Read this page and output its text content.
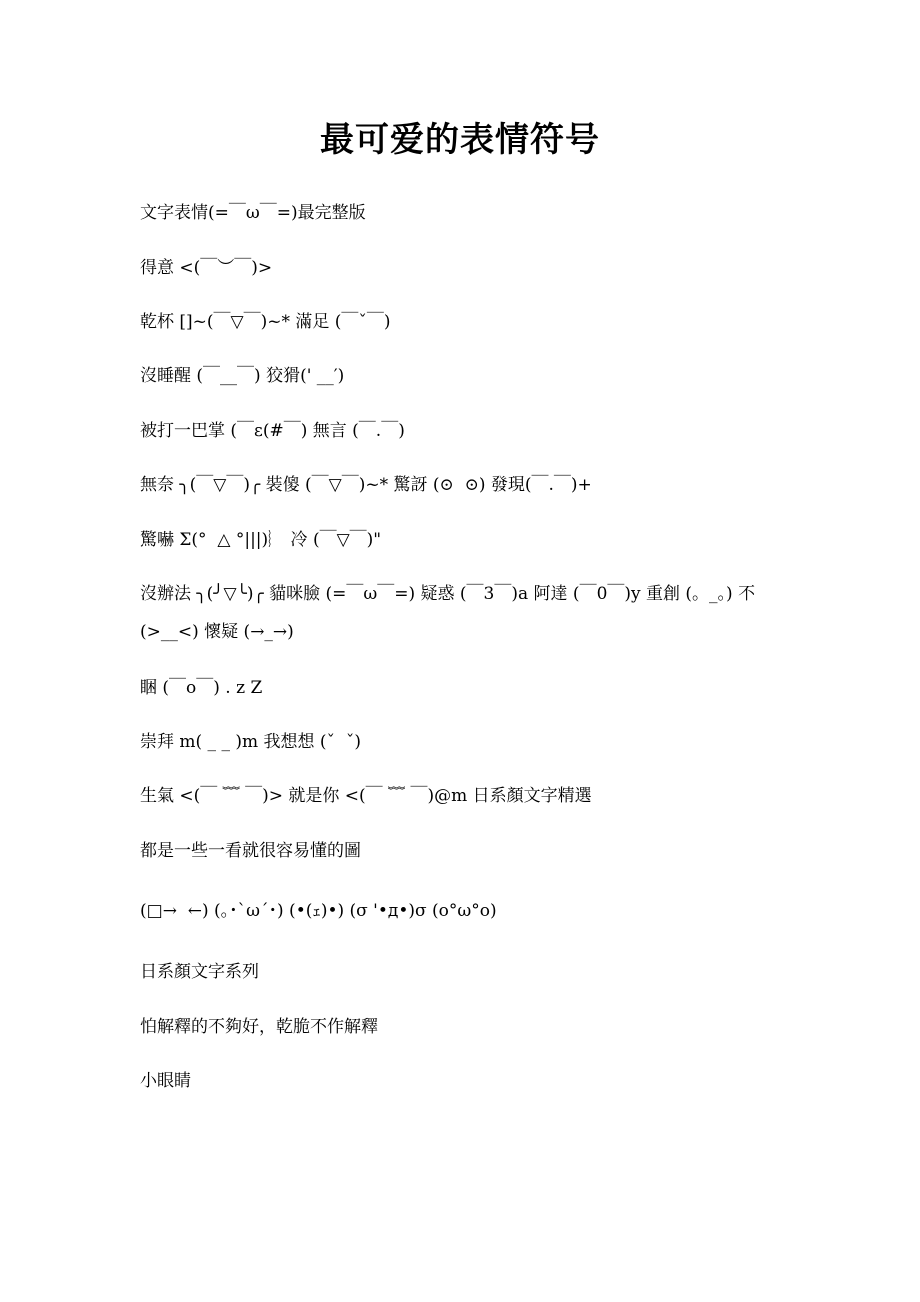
最可爱的表情符号
文字表情(=￣ω￣=)最完整版
得意 <(￣︶￣)>
乾杯 []~(￣▽￣)~* 滿足 (￣ˇ￣)
沒睡醒 (￣__￣) 狡猾(' __′)
被打一巴掌 (￣ε(#￣) 無言 (￣.￣)
無奈 ╮(￣▽￣)╭ 裝傻 (￣▽￣)~* 驚訝 (⊙  ⊙) 發現(￣.￣)+
驚嚇 Σ(°  △ °|||)︴ 冷 (￣▽￣)"
沒辦法 ╮(╯▽╰)╭ 貓咪臉 (=￣ω￣=) 疑惑 (￣3￣)a 阿達 (￣0￣)y 重創 (。_。) 不 (>__<) 懷疑 (→_→)
睏 (￣o￣) . z Z
崇拜 m( _ _ )m 我想想 (ˇ  ˇ)
生氣 <(￣ ﹌ ￣)> 就是你 <(￣ ﹌ ￣)@m 日系顏文字精選
都是一些一看就很容易懂的圖
(□→  ←) (｡･`ω´･) (•(ｪ)•) (σ '•д•)σ (o°ω°o)
日系顏文字系列
怕解釋的不夠好，乾脆不作解釋
小眼睛
